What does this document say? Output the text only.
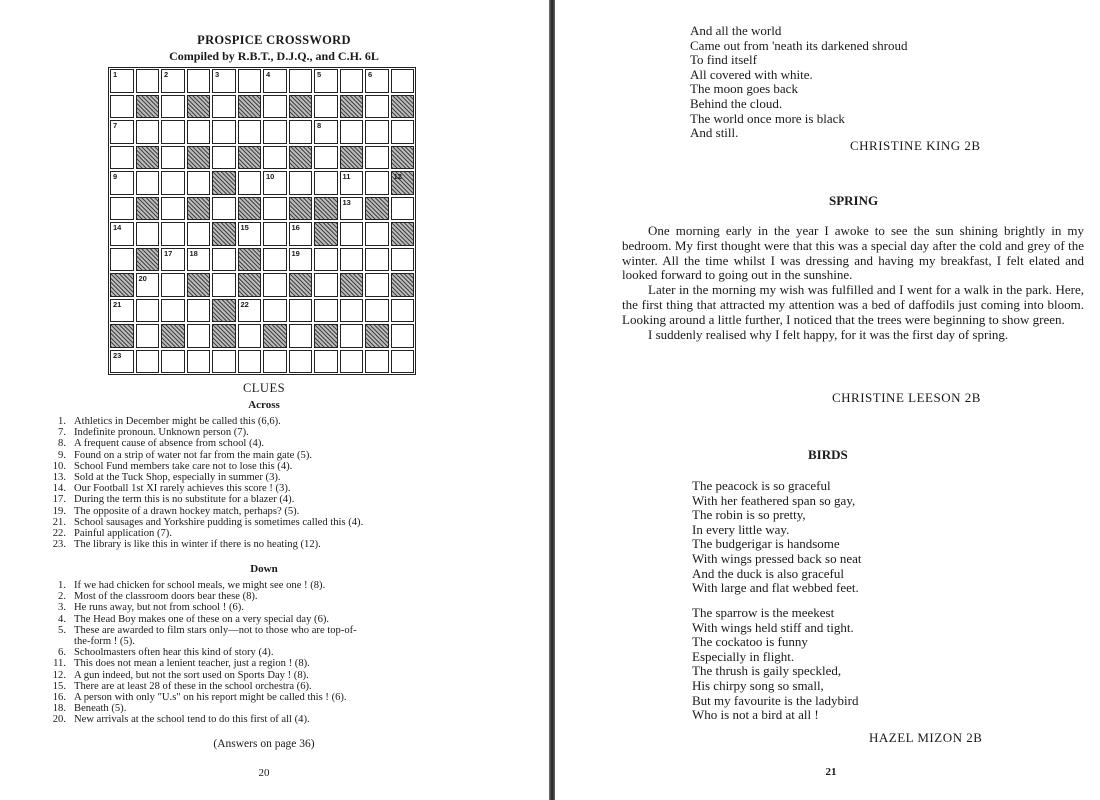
PROSPICE CROSSWORD
Compiled by R.B.T., D.J.Q., and C.H. 6L
1	2	3	4	5	6
7	8
9	10	11	12
13
14	15	16
17 18	19
20
21	22
23
CLUES
Across
1. Athletics in December might be called this (6,6).
7. Indefinite pronoun. Unknown person (7).
8. A frequent cause of absence from school (4).
9. Found on a strip of water not far from the main gate (5).
10. School Fund members take care not to lose this (4).
13. Sold at the Tuck Shop, especially in summer (3).
14. Our Football 1st XI rarely achieves this score ! (3).
17. During the term this is no substitute for a blazer (4).
19. The opposite of a drawn hockey match, perhaps? (5).
21. School sausages and Yorkshire pudding is sometimes called this (4).
22. Painful application (7).
23. The library is like this in winter if there is no heating (12).
Down
1. If we had chicken for school meals, we might see one ! (8).
2. Most of the classroom doors bear these (8).
3. He runs away, but not from school ! (6).
4. The Head Boy makes one of these on a very special day (6).
5. These are awarded to film stars only—not to those who are top-of-
the-form ! (5).
6. Schoolmasters often hear this kind of story (4).
11. This does not mean a lenient teacher, just a region ! (8).
12. A gun indeed, but not the sort used on Sports Day ! (8).
15. There are at least 28 of these in the school orchestra (6).
16. A person with only "U.s" on his report might be called this ! (6).
18. Beneath (5).
20. New arrivals at the school tend to do this first of all (4).
(Answers on page 36)
20
And all the world
Came out from 'neath its darkened shroud
To find itself
All covered with white.
The moon goes back
Behind the cloud.
The world once more is black
And still.
CHRISTINE KING 2B
SPRING

One morning early in the year I awoke to see the sun shining brightly in my bedroom. My first thought were that this was a special day after the cold and grey of the winter. All the time whilst I was dressing and having my breakfast, I felt elated and looked forward to going out in the sunshine.

Later in the morning my wish was fulfilled and I went for a walk in the park. Here, the first thing that attracted my attention was a bed of daffodils just coming into bloom. Looking around a little further, I noticed that the trees were beginning to show green.

I suddenly realised why I felt happy, for it was the first day of spring.

CHRISTINE LEESON 2B
BIRDS
The peacock is so graceful
With her feathered span so gay,
The robin is so pretty,
In every little way.
The budgerigar is handsome
With wings pressed back so neat
And the duck is also graceful
With large and flat webbed feet.
The sparrow is the meekest
With wings held stiff and tight.
The cockatoo is funny
Especially in flight.
The thrush is gaily speckled,
His chirpy song so small,
But my favourite is the ladybird
Who is not a bird at all !
HAZEL MIZON 2B
21
